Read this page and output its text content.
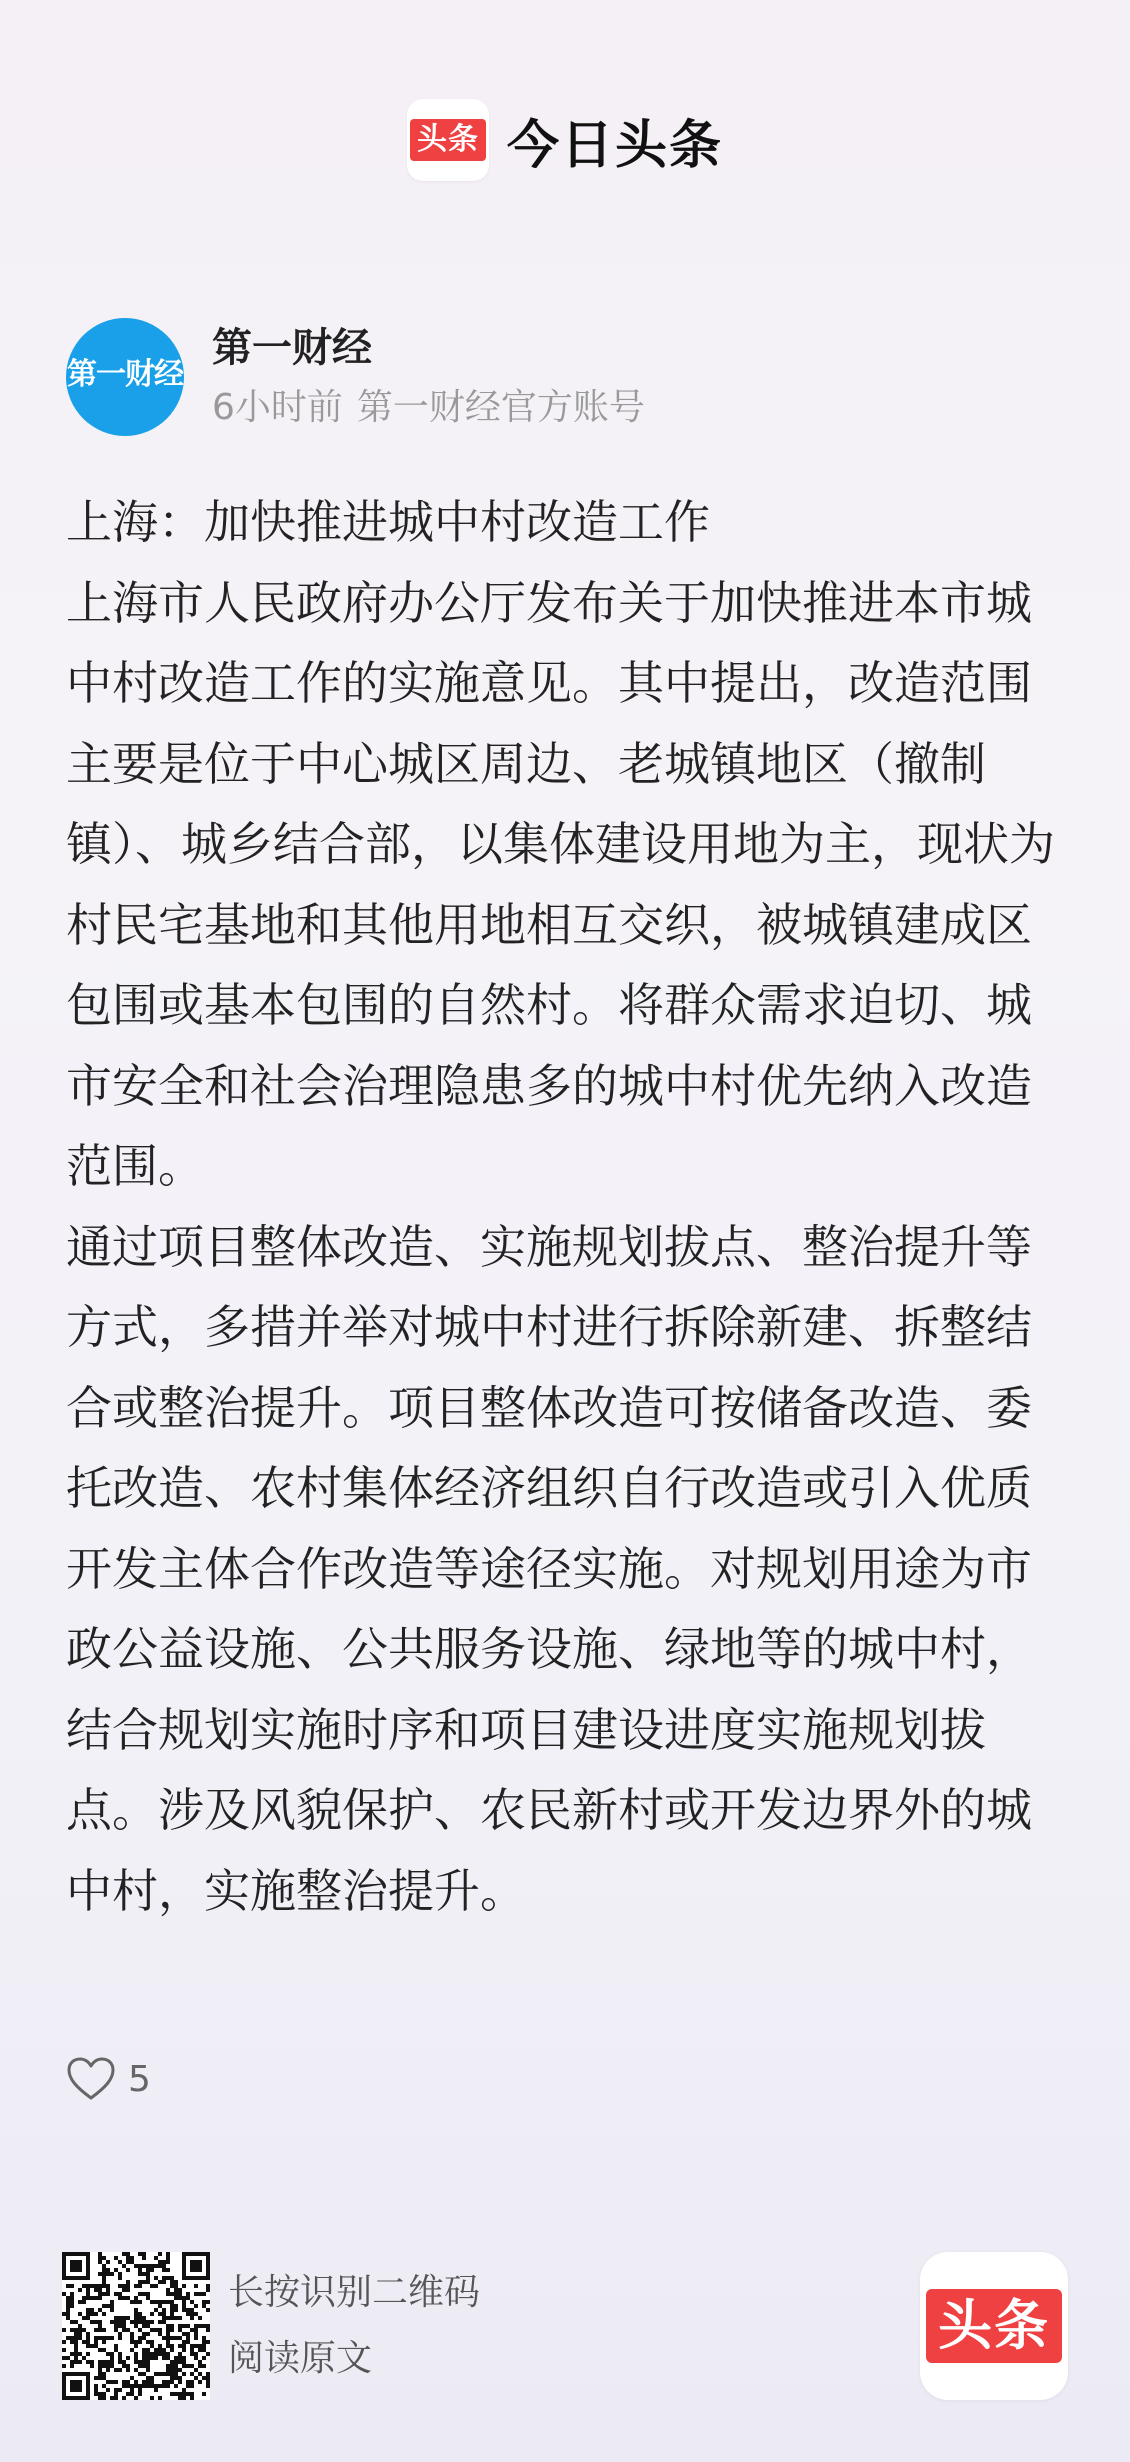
头条 今日头条
第一财经
第一财经
6小时前 第一财经官方账号

上海：加快推进城中村改造工作

上海市人民政府办公厅发布关于加快推进本市城中村改造工作的实施意见。其中提出，改造范围主要是位于中心城区周边、老城镇地区（撤制镇）、城乡结合部，以集体建设用地为主，现状为村民宅基地和其他用地相互交织，被城镇建成区包围或基本包围的自然村。将群众需求迫切、城市安全和社会治理隐患多的城中村优先纳入改造范围。

通过项目整体改造、实施规划拔点、整治提升等方式，多措并举对城中村进行拆除新建、拆整结合或整治提升。项目整体改造可按储备改造、委托改造、农村集体经济组织自行改造或引入优质开发主体合作改造等途径实施。对规划用途为市政公益设施、公共服务设施、绿地等的城中村，结合规划实施时序和项目建设进度实施规划拔点。涉及风貌保护、农民新村或开发边界外的城中村，实施整治提升。

5
长按识别二维码
阅读原文
头条
